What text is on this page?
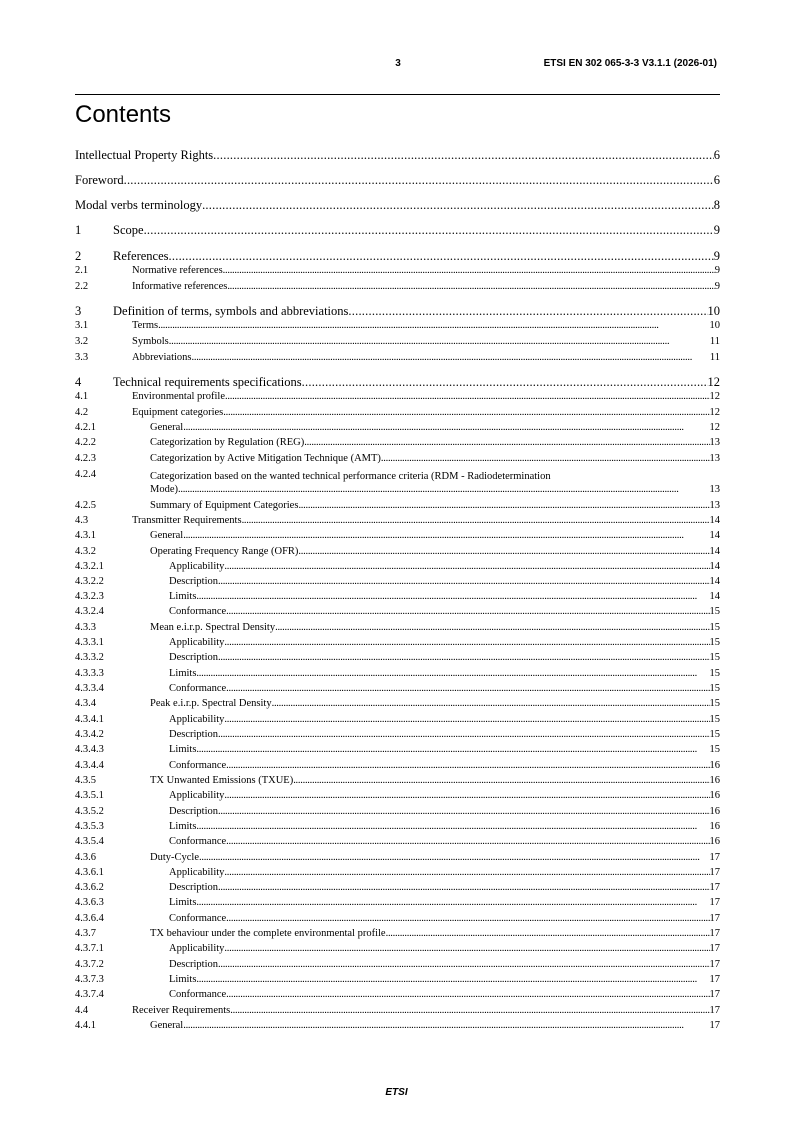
3	ETSI EN 302 065-3-3 V3.1.1 (2026-01)
Contents
Intellectual Property Rights . . .	6
Foreword . . .	6
Modal verbs terminology . . .	8
1	Scope . . .	9
2	References . . .	9
2.1	Normative references . . .	9
2.2	Informative references . . .	9
3	Definition of terms, symbols and abbreviations . . .	10
3.1	Terms . . .	10
3.2	Symbols . . .	11
3.3	Abbreviations . . .	11
4	Technical requirements specifications . . .	12
4.1	Environmental profile . . .	12
4.2	Equipment categories . . .	12
4.2.1	General . . .	12
4.2.2	Categorization by Regulation (REG) . . .	13
4.2.3	Categorization by Active Mitigation Technique (AMT) . . .	13
4.2.4	Categorization based on the wanted technical performance criteria (RDM - Radiodetermination
Mode) . . .	13
4.2.5	Summary of Equipment Categories . . .	13
4.3	Transmitter Requirements . . .	14
4.3.1	General . . .	14
4.3.2	Operating Frequency Range (OFR) . . .	14
4.3.2.1	Applicability . . .	14
4.3.2.2	Description . . .	14
4.3.2.3	Limits . . .	14
4.3.2.4	Conformance . . .	15
4.3.3	Mean e.i.r.p. Spectral Density . . .	15
4.3.3.1	Applicability . . .	15
4.3.3.2	Description . . .	15
4.3.3.3	Limits . . .	15
4.3.3.4	Conformance . . .	15
4.3.4	Peak e.i.r.p. Spectral Density . . .	15
4.3.4.1	Applicability . . .	15
4.3.4.2	Description . . .	15
4.3.4.3	Limits . . .	15
4.3.4.4	Conformance . . .	16
4.3.5	TX Unwanted Emissions (TXUE) . . .	16
4.3.5.1	Applicability . . .	16
4.3.5.2	Description . . .	16
4.3.5.3	Limits . . .	16
4.3.5.4	Conformance . . .	16
4.3.6	Duty-Cycle . . .	17
4.3.6.1	Applicability . . .	17
4.3.6.2	Description . . .	17
4.3.6.3	Limits . . .	17
4.3.6.4	Conformance . . .	17
4.3.7	TX behaviour under the complete environmental profile . . .	17
4.3.7.1	Applicability . . .	17
4.3.7.2	Description . . .	17
4.3.7.3	Limits . . .	17
4.3.7.4	Conformance . . .	17
4.4	Receiver Requirements . . .	17
4.4.1	General . . .	17
ETSI
